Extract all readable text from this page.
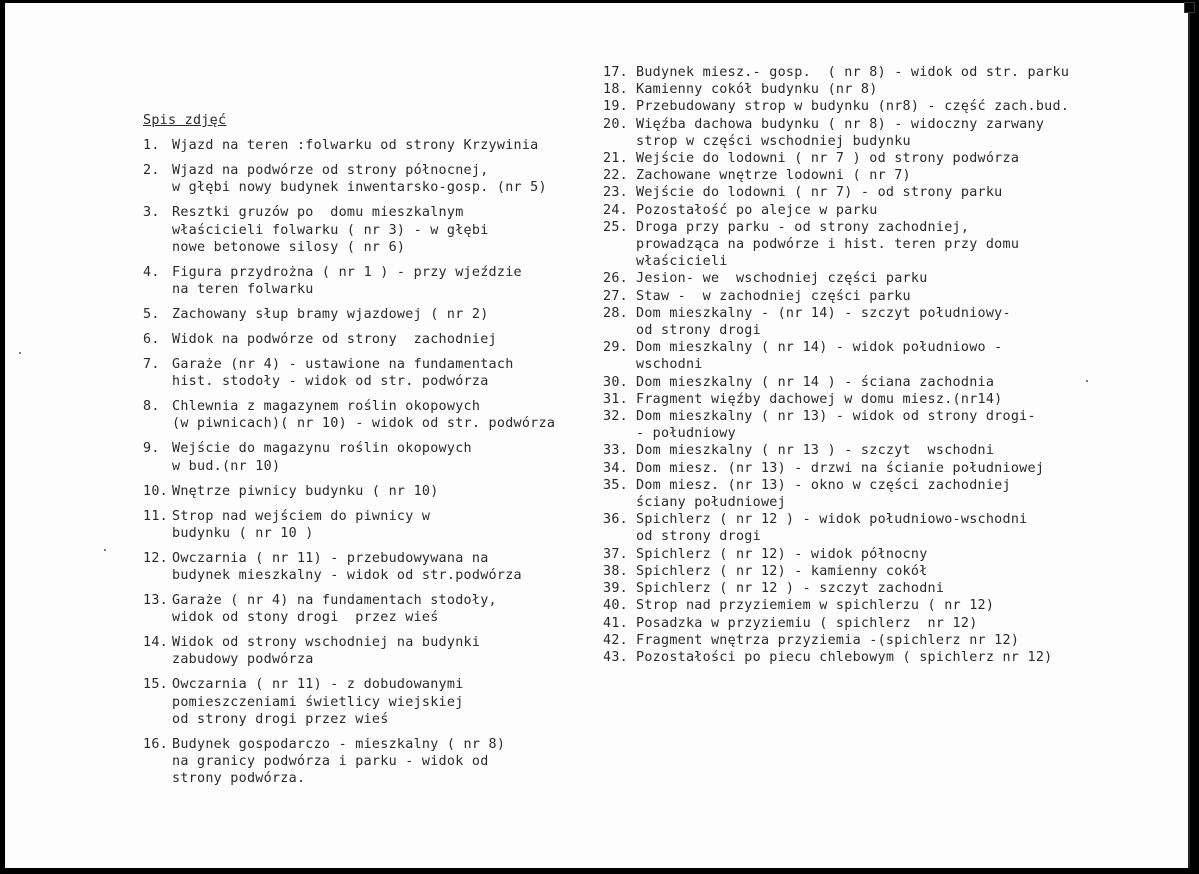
Spis zdjęć
1. Wjazd na teren :folwarku od strony Krzywinia
2. Wjazd na podwórze od strony północnej,
w głębi nowy budynek inwentarsko-gosp. (nr 5)
3. Resztki gruzów po  domu mieszkalnym
właścicieli folwarku ( nr 3) - w głębi
nowe betonowe silosy ( nr 6)
4. Figura przydrożna ( nr 1 ) - przy wjeździe
na teren folwarku
5. Zachowany słup bramy wjazdowej ( nr 2)
6. Widok na podwórze od strony  zachodniej
7. Garaże (nr 4) - ustawione na fundamentach
hist. stodoły - widok od str. podwórza
8. Chlewnia z magazynem roślin okopowych
(w piwnicach)( nr 10) - widok od str. podwórza
9. Wejście do magazynu roślin okopowych
w bud.(nr 10)
10. Wnętrze piwnicy budynku ( nr 10)
11. Strop nad wejściem do piwnicy w
budynku ( nr 10 )
12. Owczarnia ( nr 11) - przebudowywana na
budynek mieszkalny - widok od str.podwórza
13. Garaże ( nr 4) na fundamentach stodoły,
widok od stony drogi  przez wieś
14. Widok od strony wschodniej na budynki
zabudowy podwórza
15. Owczarnia ( nr 11) - z dobudowanymi
pomieszczeniami świetlicy wiejskiej
od strony drogi przez wieś
16. Budynek gospodarczo - mieszkalny ( nr 8)
na granicy podwórza i parku - widok od
strony podwórza.
17. Budynek miesz.- gosp.  ( nr 8) - widok od str. parku
18. Kamienny cokół budynku (nr 8)
19. Przebudowany strop w budynku (nr8) - część zach.bud.
20. Więźba dachowa budynku ( nr 8) - widoczny zarwany
strop w części wschodniej budynku
21. Wejście do lodowni ( nr 7 ) od strony podwórza
22. Zachowane wnętrze lodowni ( nr 7)
23. Wejście do lodowni ( nr 7) - od strony parku
24. Pozostałość po alejce w parku
25. Droga przy parku - od strony zachodniej,
prowadząca na podwórze i hist. teren przy domu
właścicieli
26. Jesion- we  wschodniej części parku
27. Staw -  w zachodniej części parku
28. Dom mieszkalny - (nr 14) - szczyt południowy-
od strony drogi
29. Dom mieszkalny ( nr 14) - widok południowo -
wschodni
30. Dom mieszkalny ( nr 14 ) - ściana zachodnia
31. Fragment więźby dachowej w domu miesz.(nr14)
32. Dom mieszkalny ( nr 13) - widok od strony drogi-
- południowy
33. Dom mieszkalny ( nr 13 ) - szczyt  wschodni
34. Dom miesz. (nr 13) - drzwi na ścianie południowej
35. Dom miesz. (nr 13) - okno w części zachodniej
ściany południowej
36. Spichlerz ( nr 12 ) - widok południowo-wschodni
od strony drogi
37. Spichlerz ( nr 12) - widok północny
38. Spichlerz ( nr 12) - kamienny cokół
39. Spichlerz ( nr 12 ) - szczyt zachodni
40. Strop nad przyziemiem w spichlerzu ( nr 12)
41. Posadzka w przyziemiu ( spichlerz  nr 12)
42. Fragment wnętrza przyziemia -(spichlerz nr 12)
43. Pozostałości po piecu chlebowym ( spichlerz nr 12)
